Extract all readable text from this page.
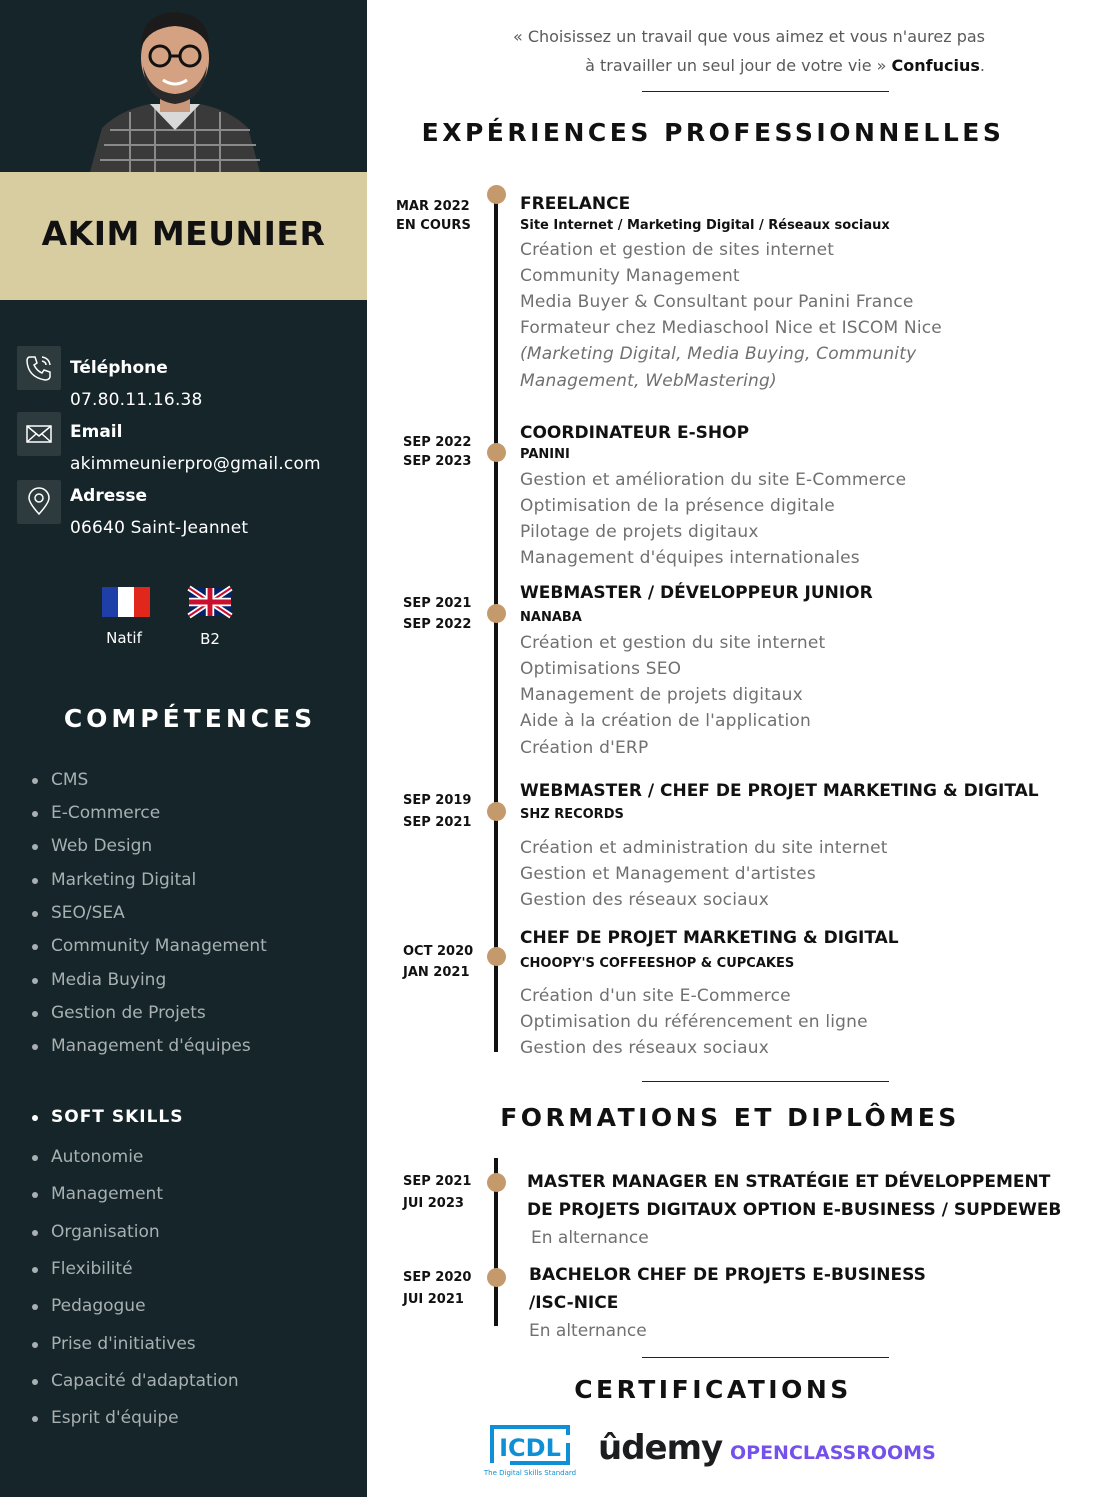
AKIM MEUNIER
Téléphone
07.80.11.16.38
Email
akimmeunierpro@gmail.com
Adresse
06640 Saint-Jeannet
Natif	B2
COMPÉTENCES
CMS
E-Commerce
Web Design
Marketing Digital
SEO/SEA
Community Management
Media Buying
Gestion de Projets
Management d'équipes
SOFT SKILLS
Autonomie
Management
Organisation
Flexibilité
Pedagogue
Prise d'initiatives
Capacité d'adaptation
Esprit d'équipe
« Choisissez un travail que vous aimez et vous n'aurez pas
à travailler un seul jour de votre vie » Confucius.
EXPÉRIENCES PROFESSIONNELLES
MAR 2022
EN COURS
FREELANCE
Site Internet / Marketing Digital / Réseaux sociaux
Création et gestion de sites internet
Community Management
Media Buyer & Consultant pour Panini France
Formateur chez Mediaschool Nice et ISCOM Nice
(Marketing Digital, Media Buying, Community
Management, WebMastering)
SEP 2022
SEP 2023
COORDINATEUR E-SHOP
PANINI
Gestion et amélioration du site E-Commerce
Optimisation de la présence digitale
Pilotage de projets digitaux
Management d'équipes internationales
SEP 2021
SEP 2022
WEBMASTER / DÉVELOPPEUR JUNIOR
NANABA
Création et gestion du site internet
Optimisations SEO
Management de projets digitaux
Aide à la création de l'application
Création d'ERP
SEP 2019
SEP 2021
WEBMASTER / CHEF DE PROJET MARKETING & DIGITAL
SHZ RECORDS
Création et administration du site internet
Gestion et Management d'artistes
Gestion des réseaux sociaux
OCT 2020
JAN 2021
CHEF DE PROJET MARKETING & DIGITAL
CHOOPY'S COFFEESHOP & CUPCAKES
Création d'un site E-Commerce
Optimisation du référencement en ligne
Gestion des réseaux sociaux
FORMATIONS ET DIPLÔMES
SEP 2021
JUI 2023
MASTER MANAGER EN STRATÉGIE ET DÉVELOPPEMENT
DE PROJETS DIGITAUX OPTION E-BUSINESS / SUPDEWEB
En alternance
SEP 2020
JUI 2021
BACHELOR CHEF DE PROJETS E-BUSINESS
/ISC-NICE
En alternance
CERTIFICATIONS
ICDL
The Digital Skills Standard
ûdemy OPENCLASSROOMS
